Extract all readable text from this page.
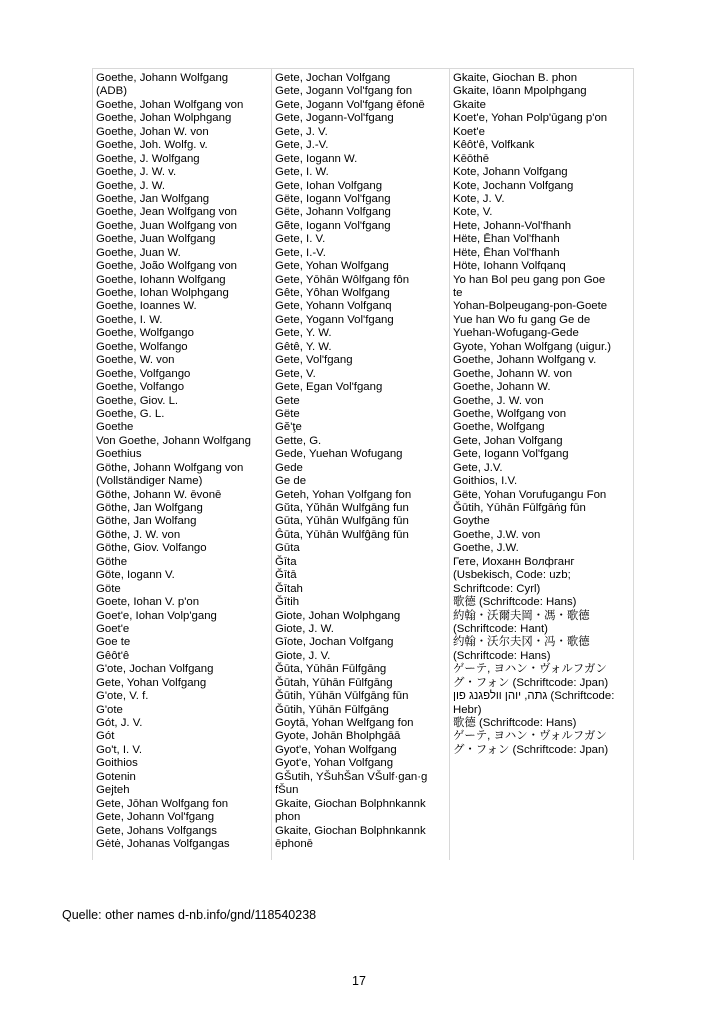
Goethe, Johann Wolfgang
(ADB)
Goethe, Johan Wolfgang von
Goethe, Johan Wolphgang
Goethe, Johan W. von
Goethe, Joh. Wolfg. v.
Goethe, J. Wolfgang
Goethe, J. W. v.
Goethe, J. W.
Goethe, Jan Wolfgang
Goethe, Jean Wolfgang von
Goethe, Juan Wolfgang von
Goethe, Juan Wolfgang
Goethe, Juan W.
Goethe, João Wolfgang von
Goethe, Iohann Wolfgang
Goethe, Iohan Wolphgang
Goethe, Ioannes W.
Goethe, I. W.
Goethe, Wolfgango
Goethe, Wolfango
Goethe, W. von
Goethe, Volfgango
Goethe, Volfango
Goethe, Giov. L.
Goethe, G. L.
Goethe
Von Goethe, Johann Wolfgang
Goethius
Göthe, Johann Wolfgang von
(Vollständiger Name)
Göthe, Johann W. ēvonē
Göthe, Jan Wolfgang
Göthe, Jan Wolfang
Göthe, J. W. von
Göthe, Giov. Volfango
Göthe
Göte, Iogann V.
Göte
Goete, Iohan V. p'on
Goet'e, Iohan Volp'gang
Goet'e
Goe te
Gêôt'ê
G'ote, Jochan Volfgang
Gete, Yohan Volfgang
G'ote, V. f.
G'ote
Gót, J. V.
Gót
Go't, I. V.
Goithios
Gotenin
Gejteh
Gete, Jōhan Wolfgang fon
Gete, Johann Vol'fgang
Gete, Johans Volfgangs
Gėtė, Johanas Volfgangas
Gete, Jochan Volfgang
Gete, Jogann Vol'fgang fon
Gete, Jogann Vol'fgang ēfonē
Gete, Jogann-Vol'fgang
Gete, J. V.
Gete, J.-V.
Gete, Iogann W.
Gete, I. W.
Gete, Iohan Volfgang
Gëte, Iogann Vol'fgang
Gëte, Johann Volfgang
Gẽte, Iogann Vol'fgang
Gete, I. V.
Gete, I.-V.
Gete, Yohan Wolfgang
Gete, Yōhān Wôlfgang fôn
Gête, Yôhan Wolfgang
Gete, Yohann Volfganq
Gete, Yogann Vol'fgang
Gete, Y. W.
Gêtê, Y. W.
Gete, Vol'fgang
Gete, V.
Gete, Egan Vol'fgang
Gete
Gëte
Gĕ'ţe
Gette, G.
Gede, Yuehan Wofugang
Gede
Ge de
Geteh, Yohan Ṿolfgang fon
Gŭta, Yŭhān Wulfgāng fun
Gūta, Yūhān Wulfgāng fūn
Ĝūta, Yūhān Wulfĝāng fūn
Gūta
Ğīta
Ğītā
Ğītah
Ğītih
Giote, Johan Wolphgang
Giote, J. W.
Gīote, Jochan Volfgang
Giote, J. V.
Ğūta, Yūhān Fūlfgāng
Ğūtah, Yūhān Fūlfgāng
Ğūtih, Yūhān Vūlfgāng fūn
Ğūtih, Yūhān Fūlfgāng
Goytā, Yohan Welfgang fon
Gyote, Johān Bholphgāā
Gyot'e, Yohan Wolfgang
Gyot'e, Yohan Volfgang
GŠutih, YŠuhŠan VŠulf·gan·g
fŠun
Gkaite, Giochan Bolphnkannk
phon
Gkaite, Giochan Bolphnkannk
ēphonē
Gkaite, Giochan B. phon
Gkaite, Iōann Mpolphgang
Gkaite
Koet'e, Yohan Polp'ūgang p'on
Koet'e
Kêôt'ê, Volfkank
Kēōthē
Kote, Johann Volfgang
Kote, Jochann Volfgang
Kote, J. V.
Kote, V.
Hete, Johann-Vol'fhanh
Hëte, Ēhan Vol'fhanh
Hëte, Ēhan Vol'fhanh
Höte, Iohann Volfqanq
Yo han Bol peu gang pon Goe
te
Yohan-Bolpeugang-pon-Goete
Yue han Wo fu gang Ge de
Yuehan-Wofugang-Gede
Gyote, Yohan Wolfgang (uigur.)
Goethe, Johann Wolfgang v.
Goethe, Johann W. von
Goethe, Johann W.
Goethe, J. W. von
Goethe, Wolfgang von
Goethe, Wolfgang
Gete, Johan Volfgang
Gete, Iogann Vol'fgang
Gete, J.V.
Goithios, I.V.
Gëte, Yohan Vorufugangu Fon
Ğūtih, Yūhān Fūlfgāṅg fūn
Goythe
Goethe, J.W. von
Goethe, J.W.
Гете, Иоханн Волфганг
(Usbekisch, Code: uzb;
Schriftcode: Cyrl)
歌德 (Schriftcode: Hans)
約翰・沃爾夫岡・馮・歌德
(Schriftcode: Hant)
约翰・沃尔夫冈・冯・歌德
(Schriftcode: Hans)
ゲーテ, ヨハン・ヴォルフガン
グ・フォン (Schriftcode: Jpan)
גתה, יוהן וולפגנג פון (Schriftcode:
Hebr)
歌德 (Schriftcode: Hans)
ゲーテ, ヨハン・ヴォルフガン
グ・フォン (Schriftcode: Jpan)
Quelle: other names d-nb.info/gnd/118540238
17
